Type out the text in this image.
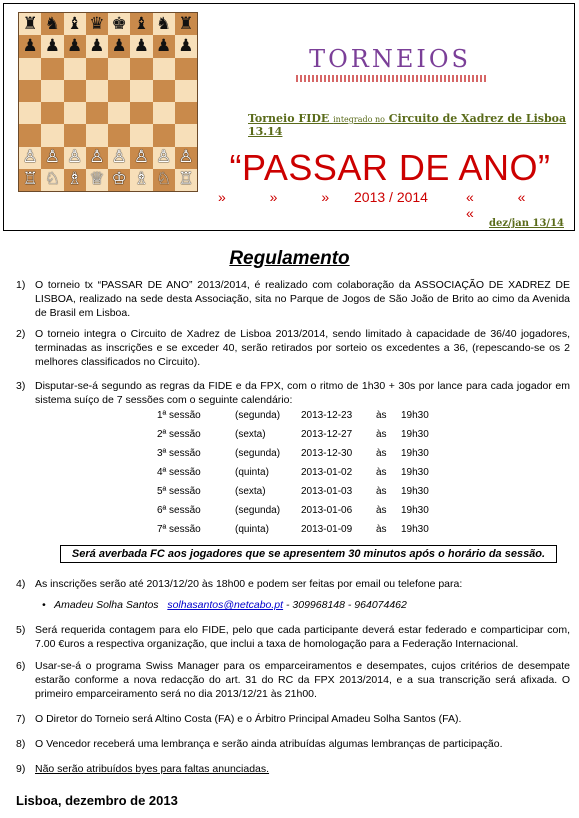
♜ ♞ ♝ ♛ ♚ ♝ ♞ ♜
♟ ♟ ♟ ♟ ♟ ♟ ♟ ♟
♙ ♙ ♙ ♙ ♙ ♙ ♙ ♙
♖ ♘ ♗ ♕ ♔ ♗ ♘ ♖
TORNEIOS
Torneio FIDE integrado no Circuito de Xadrez de Lisboa 13.14
“PASSAR DE ANO”
» » » 2013 / 2014	« « «
dez/jan 13/14
Regulamento
1) O torneio tx “PASSAR DE ANO” 2013/2014, é realizado com colaboração da ASSOCIAÇÃO DE XADREZ DE LISBOA, realizado na sede desta Associação, sita no Parque de Jogos de São João de Brito ao cimo da Avenida de Brasil em Lisboa.
2) O torneio integra o Circuito de Xadrez de Lisboa 2013/2014, sendo limitado à capacidade de 36/40 jogadores, terminadas as inscrições e se exceder 40, serão retirados por sorteio os excedentes a 36, (repescando-se os 2 melhores classificados no Circuito).
3) Disputar-se-á segundo as regras da FIDE e da FPX, com o ritmo de 1h30 + 30s por lance para cada jogador em sistema suíço de 7 sessões com o seguinte calendário:
1ª sessão	(segunda) 2013-12-23 às 19h30
2ª sessão	(sexta)	2013-12-27 às 19h30
3ª sessão	(segunda) 2013-12-30 às 19h30
4ª sessão	(quinta)	2013-01-02 às 19h30
5ª sessão	(sexta)	2013-01-03 às 19h30
6ª sessão	(segunda) 2013-01-06 às 19h30
7ª sessão	(quinta)	2013-01-09 às 19h30
Será averbada FC aos jogadores que se apresentem 30 minutos após o horário da sessão.
4) As inscrições serão até 2013/12/20 às 18h00 e podem ser feitas por email ou telefone para:
• Amadeu Solha Santos solhasantos@netcabo.pt - 309968148 - 964074462
5) Será requerida contagem para elo FIDE, pelo que cada participante deverá estar federado e comparticipar com, 7.00 €uros a respectiva organização, que inclui a taxa de homologação para a Federação Internacional.
6) Usar-se-á o programa Swiss Manager para os emparceiramentos e desempates, cujos critérios de desempate estarão conforme a nova redacção do art. 31 do RC da FPX 2013/2014, e a sua transcrição será afixada. O primeiro emparceiramento será no dia 2013/12/21 às 21h00.
7) O Diretor do Torneio será Altino Costa (FA) e o Árbitro Principal Amadeu Solha Santos (FA).
8) O Vencedor receberá uma lembrança e serão ainda atribuídas algumas lembranças de participação.
9) Não serão atribuídos byes para faltas anunciadas.
Lisboa, dezembro de 2013
